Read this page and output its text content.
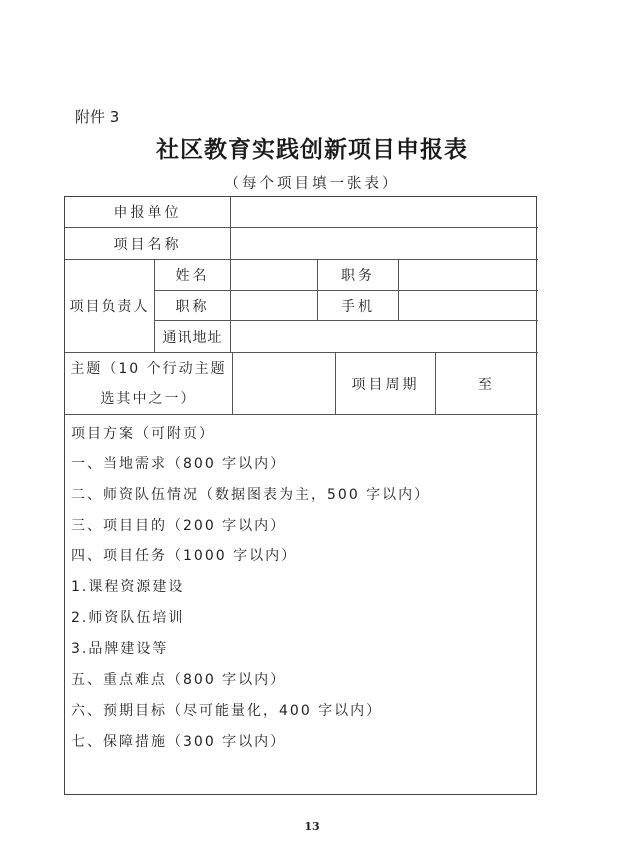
附件 3
社区教育实践创新项目申报表
（每个项目填一张表）
申报单位
项目名称
项目负责人
姓名	职务
职称	手机
通讯地址
主题（10 个行动主题
选其中之一）
项目周期	至
项目方案（可附页）
一、当地需求（800 字以内）
二、师资队伍情况（数据图表为主，500 字以内）
三、项目目的（200 字以内）
四、项目任务（1000 字以内）
1.课程资源建设
2.师资队伍培训
3.品牌建设等
五、重点难点（800 字以内）
六、预期目标（尽可能量化，400 字以内）
七、保障措施（300 字以内）
13
